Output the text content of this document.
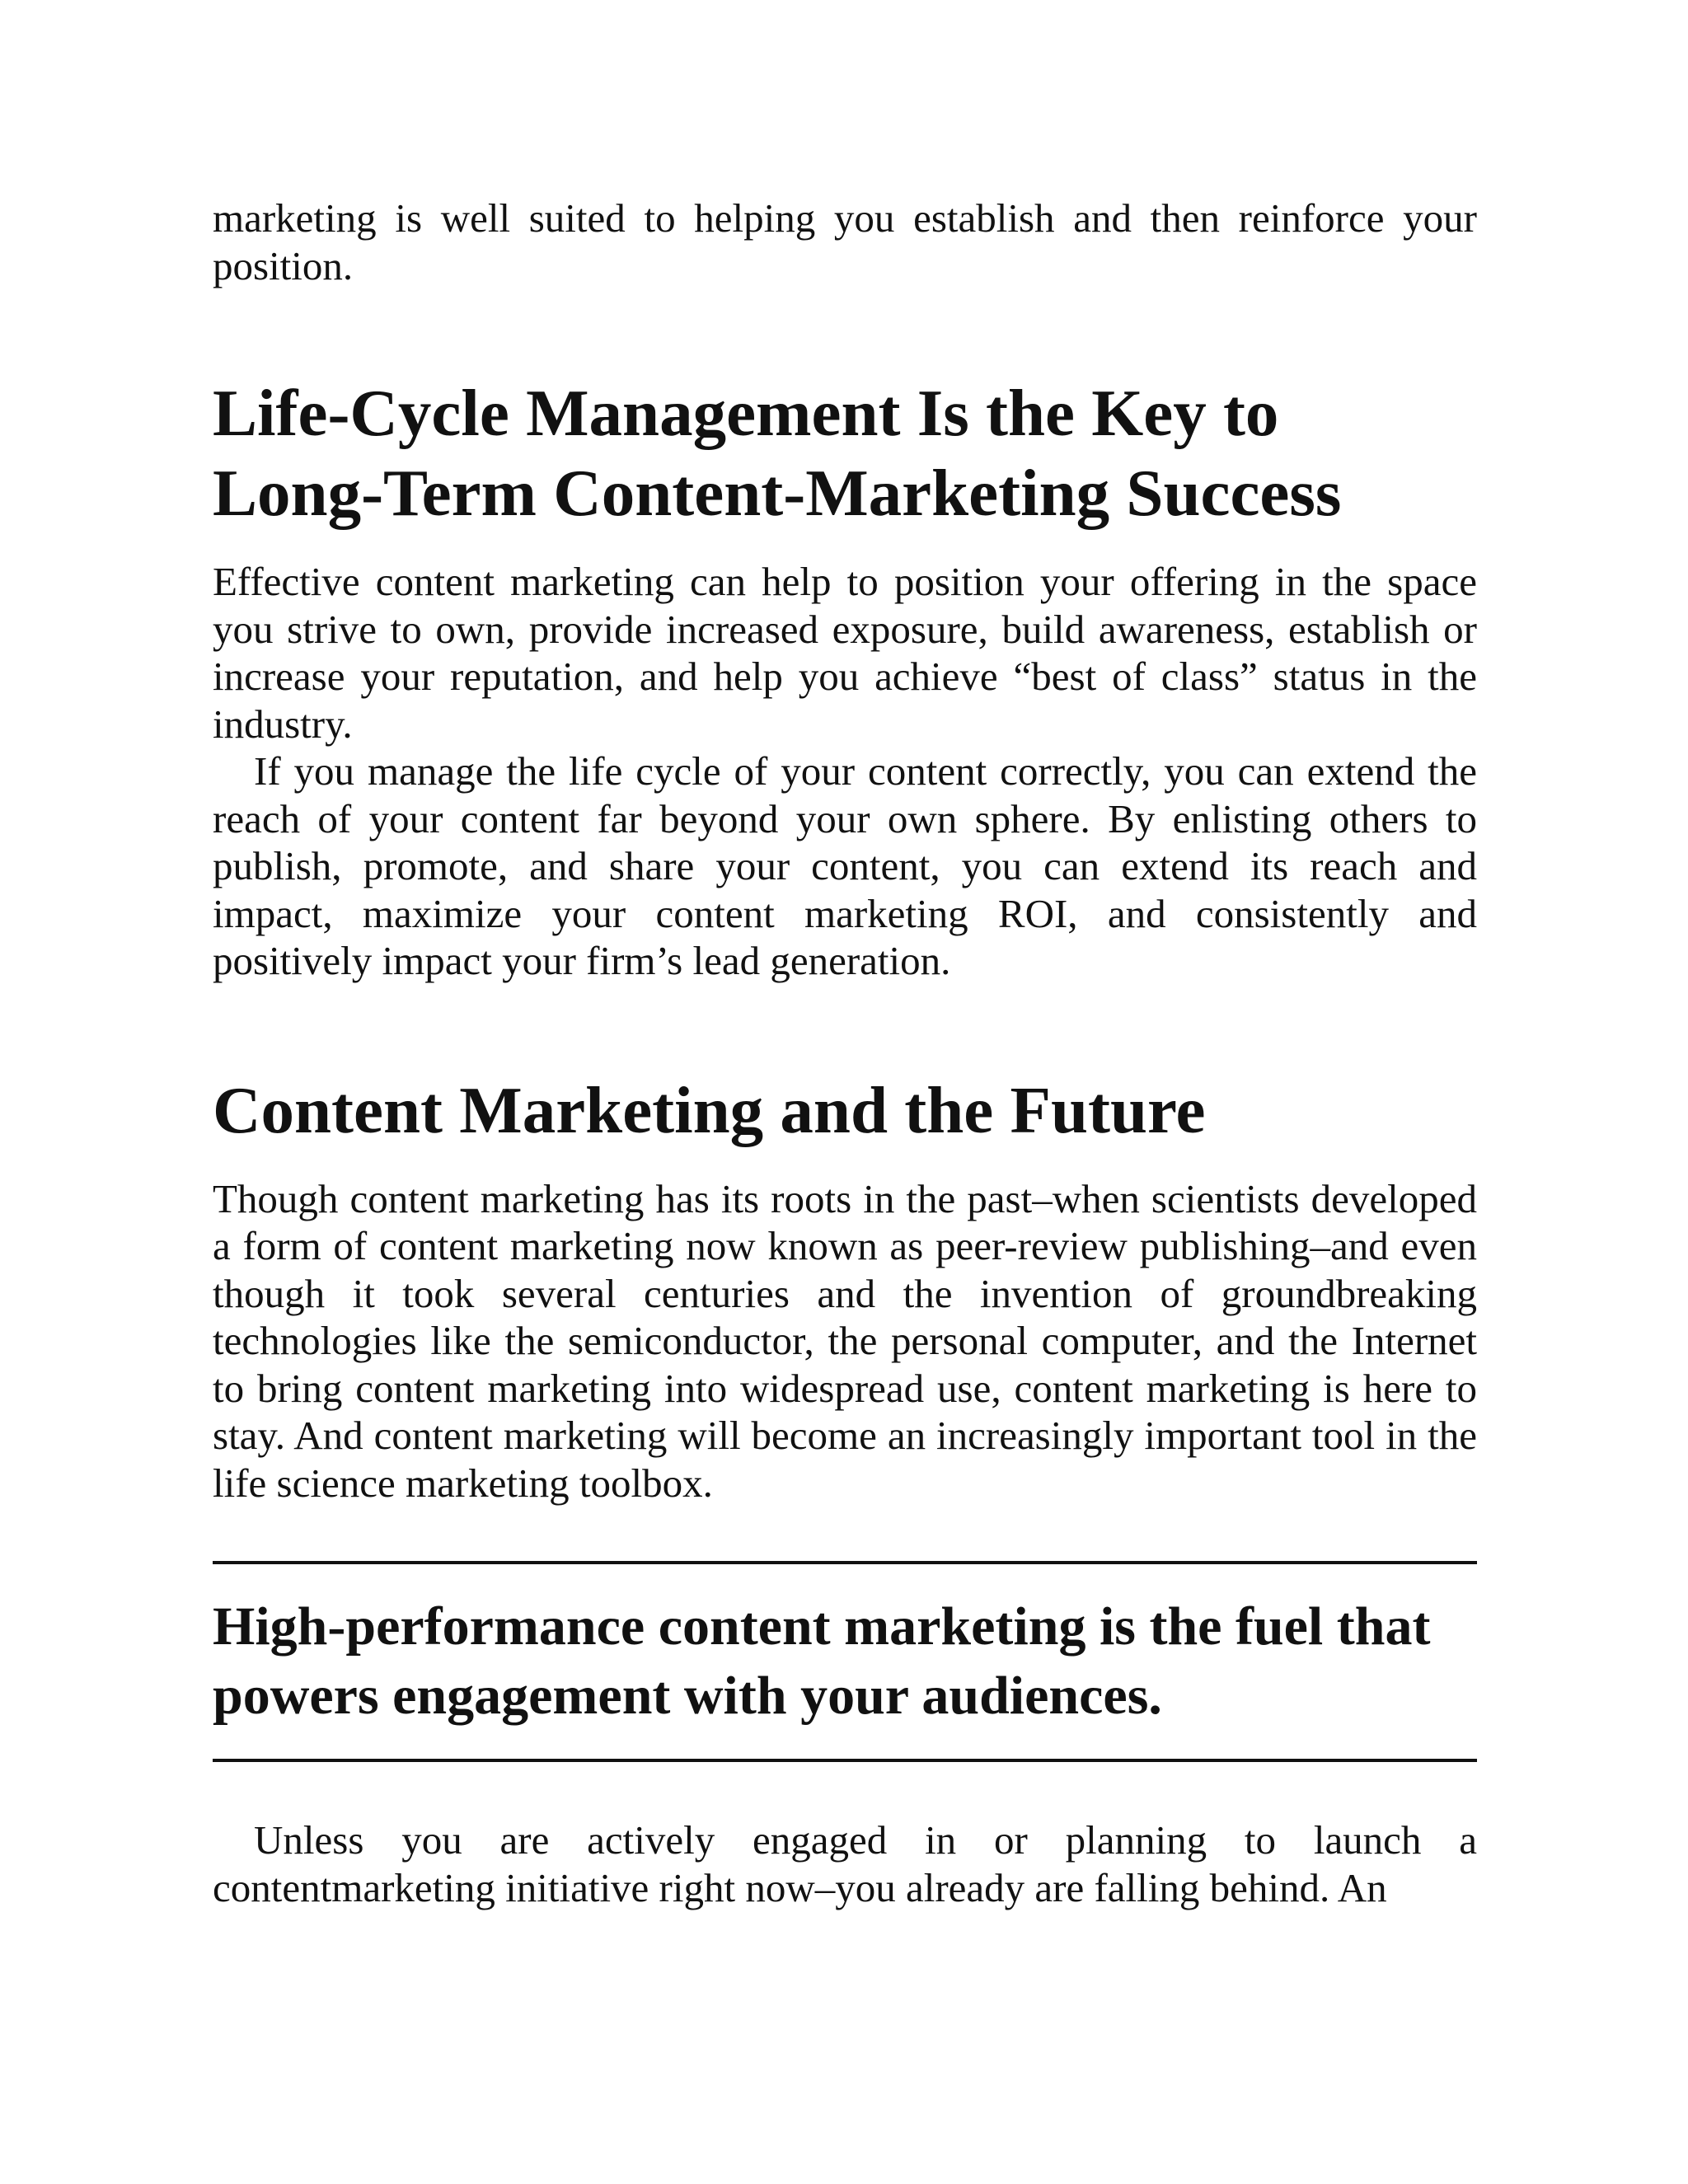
marketing is well suited to helping you establish and then reinforce your position.

Life-Cycle Management Is the Key to Long-Term Content-Marketing Success

Effective content marketing can help to position your offering in the space you strive to own, provide increased exposure, build awareness, establish or increase your reputation, and help you achieve “best of class” status in the industry.

If you manage the life cycle of your content correctly, you can extend the reach of your content far beyond your own sphere. By enlisting others to publish, promote, and share your content, you can extend its reach and impact, maximize your content marketing ROI, and consistently and positively impact your firm’s lead generation.

Content Marketing and the Future

Though content marketing has its roots in the past–when scientists developed a form of content marketing now known as peer-review publishing–and even though it took several centuries and the invention of groundbreaking technologies like the semiconductor, the personal computer, and the Internet to bring content marketing into widespread use, content marketing is here to stay. And content marketing will become an increasingly important tool in the life science marketing toolbox.

High-performance content marketing is the fuel that powers engagement with your audiences.

Unless you are actively engaged in or planning to launch a contentmarketing initiative right now–you already are falling behind. An
